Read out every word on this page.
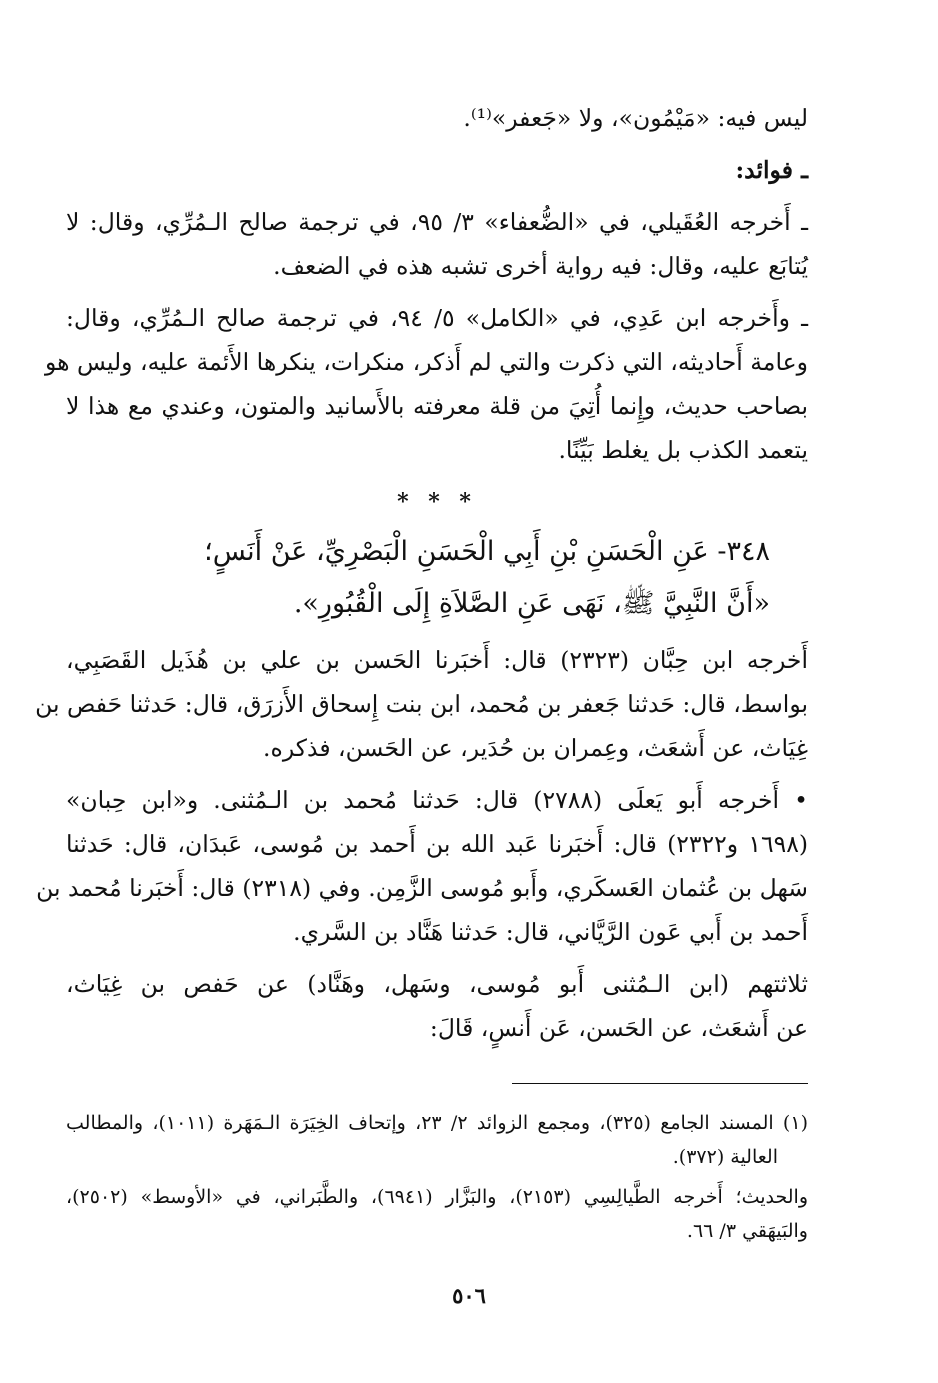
ليس فيه: «مَيْمُون»، ولا «جَعفر»⁽¹⁾.

ـ فوائد:

ـ أَخرجه العُقَيلي، في «الضُّعفاء» ٣/ ٩٥، في ترجمة صالح الـمُرِّي، وقال: لا
يُتابَع عليه، وقال: فيه رواية أخرى تشبه هذه في الضعف.

ـ وأَخرجه ابن عَدِي، في «الكامل» ٥/ ٩٤، في ترجمة صالح الـمُرِّي، وقال:
وعامة أَحاديثه، التي ذكرت والتي لم أَذكر، منكرات، ينكرها الأَئمة عليه، وليس هو
بصاحب حديث، وإِنما أُتِيَ من قلة معرفته بالأَسانيد والمتون، وعندي مع هذا لا
يتعمد الكذب بل يغلط بَيِّنًا.

* * *

٣٤٨- عَنِ الْحَسَنِ بْنِ أَبِي الْحَسَنِ الْبَصْرِيِّ، عَنْ أَنَسٍ؛
«أَنَّ النَّبِيَّ ﷺ، نَهَى عَنِ الصَّلاَةِ إِلَى الْقُبُورِ».

أَخرجه ابن حِبَّان (٢٣٢٣) قال: أَخبَرنا الحَسن بن علي بن هُذَيل القَصَبِي،
بواسط، قال: حَدثنا جَعفر بن مُحمد، ابن بنت إِسحاق الأَزرَق، قال: حَدثنا حَفص بن
غِيَاث، عن أَشعَث، وعِمران بن حُدَير، عن الحَسن، فذكره.

• أَخرجه أَبو يَعلَى (٢٧٨٨) قال: حَدثنا مُحمد بن الـمُثنى. و«ابن حِبان»
(١٦٩٨ و٢٣٢٢) قال: أَخبَرنا عَبد الله بن أَحمد بن مُوسى، عَبدَان، قال: حَدثنا
سَهل بن عُثمان العَسكَري، وأَبو مُوسى الزَّمِن. وفي (٢٣١٨) قال: أَخبَرنا مُحمد بن
أَحمد بن أَبي عَون الرَّيَّاني، قال: حَدثنا هَنَّاد بن السَّري.

ثلاثتهم (ابن الـمُثنى أَبو مُوسى، وسَهل، وهَنَّاد) عن حَفص بن غِيَاث،
عن أَشعَث، عن الحَسن، عَن أَنسٍ، قَالَ:

(١) المسند الجامع (٣٢٥)، ومجمع الزوائد ٢/ ٢٣، وإتحاف الخِيَرَة الـمَهَرة (١٠١١)، والمطالب
العالية (٣٧٢).

والحديث؛ أَخرجه الطَّيالِسِي (٢١٥٣)، والبَزَّار (٦٩٤١)، والطَّبَراني، في «الأوسط» (٢٥٠٢)،
والبَيهَقي ٣/ ٦٦.

٥٠٦
